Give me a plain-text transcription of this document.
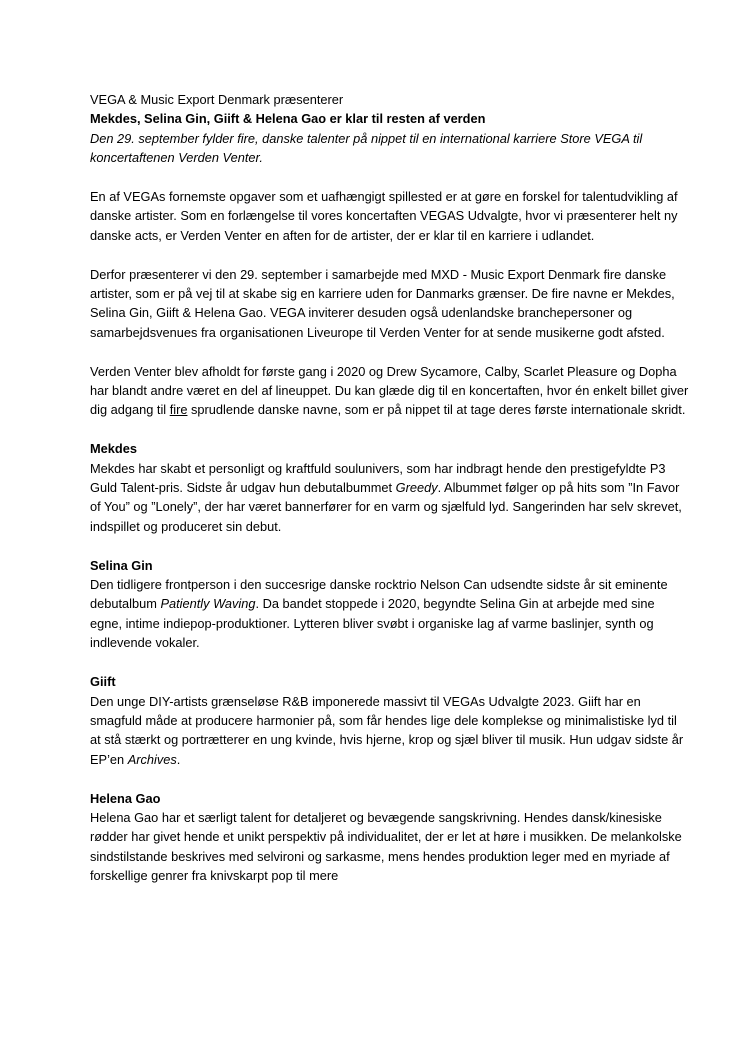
VEGA & Music Export Denmark præsenterer

Mekdes, Selina Gin, Giift & Helena Gao er klar til resten af verden

Den 29. september fylder fire, danske talenter på nippet til en international karriere Store VEGA til koncertaftenen Verden Venter.

En af VEGAs fornemste opgaver som et uafhængigt spillested er at gøre en forskel for talentudvikling af danske artister. Som en forlængelse til vores koncertaften VEGAS Udvalgte, hvor vi præsenterer helt ny danske acts, er Verden Venter en aften for de artister, der er klar til en karriere i udlandet.

Derfor præsenterer vi den 29. september i samarbejde med MXD - Music Export Denmark fire danske artister, som er på vej til at skabe sig en karriere uden for Danmarks grænser. De fire navne er Mekdes, Selina Gin, Giift & Helena Gao. VEGA inviterer desuden også udenlandske branchepersoner og samarbejdsvenues fra organisationen Liveurope til Verden Venter for at sende musikerne godt afsted.

Verden Venter blev afholdt for første gang i 2020 og Drew Sycamore, Calby, Scarlet Pleasure og Dopha har blandt andre været en del af lineuppet. Du kan glæde dig til en koncertaften, hvor én enkelt billet giver dig adgang til fire sprudlende danske navne, som er på nippet til at tage deres første internationale skridt.

Mekdes

Mekdes har skabt et personligt og kraftfuld soulunivers, som har indbragt hende den prestigefyldte P3 Guld Talent-pris. Sidste år udgav hun debutalbummet Greedy. Albummet følger op på hits som ”In Favor of You” og ”Lonely”, der har været bannerfører for en varm og sjælfuld lyd. Sangerinden har selv skrevet, indspillet og produceret sin debut.

Selina Gin

Den tidligere frontperson i den succesrige danske rocktrio Nelson Can udsendte sidste år sit eminente debutalbum Patiently Waving. Da bandet stoppede i 2020, begyndte Selina Gin at arbejde med sine egne, intime indiepop-produktioner. Lytteren bliver svøbt i organiske lag af varme baslinjer, synth og indlevende vokaler.

Giift

Den unge DIY-artists grænseløse R&B imponerede massivt til VEGAs Udvalgte 2023. Giift har en smagfuld måde at producere harmonier på, som får hendes lige dele komplekse og minimalistiske lyd til at stå stærkt og portrætterer en ung kvinde, hvis hjerne, krop og sjæl bliver til musik. Hun udgav sidste år EP’en Archives.

Helena Gao

Helena Gao har et særligt talent for detaljeret og bevægende sangskrivning. Hendes dansk/kinesiske rødder har givet hende et unikt perspektiv på individualitet, der er let at høre i musikken. De melankolske sindstilstande beskrives med selvironi og sarkasme, mens hendes produktion leger med en myriade af forskellige genrer fra knivskarpt pop til mere
